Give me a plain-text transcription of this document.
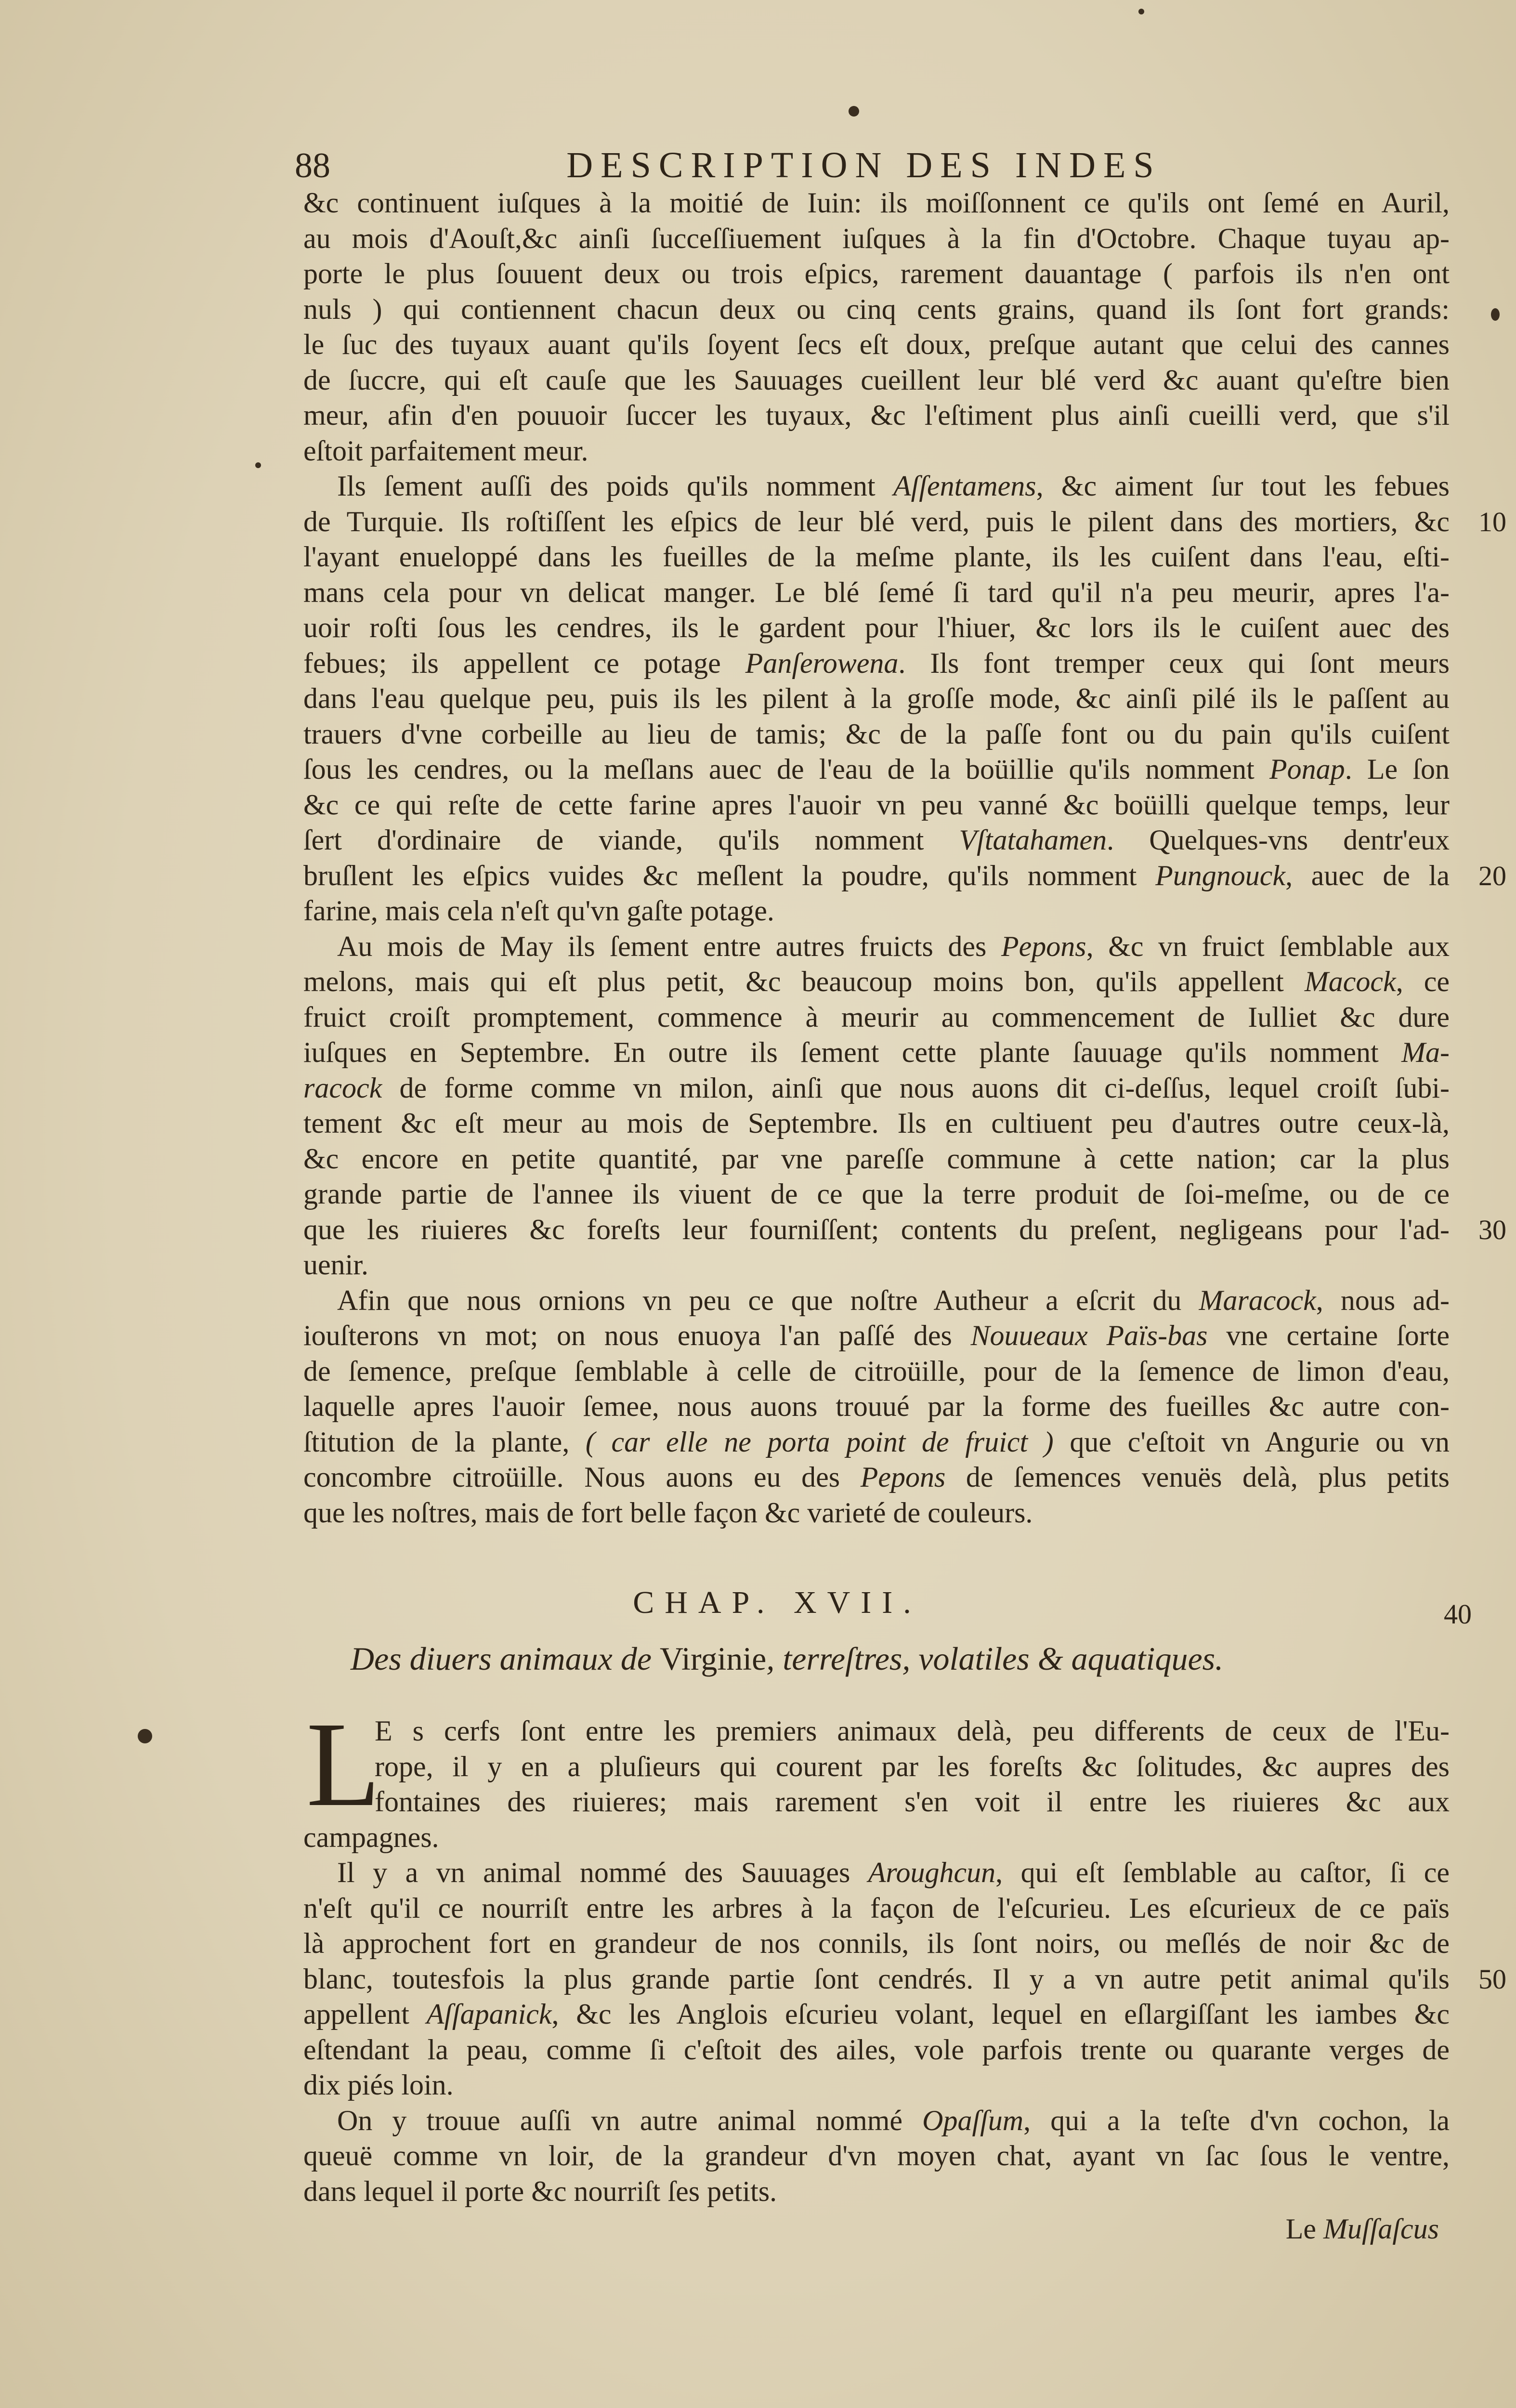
88	DESCRIPTION DES INDES
&c continuent iuſques à la moitié de Iuin: ils moiſſonnent ce qu'ils ont ſemé en Auril,
au mois d'Aouſt,&c ainſi ſucceſſiuement iuſques à la fin d'Octobre. Chaque tuyau ap-
porte le plus ſouuent deux ou trois eſpics, rarement dauantage ( parfois ils n'en ont
nuls ) qui contiennent chacun deux ou cinq cents grains, quand ils ſont fort grands:
le ſuc des tuyaux auant qu'ils ſoyent ſecs eſt doux, preſque autant que celui des cannes
de ſuccre, qui eſt cauſe que les Sauuages cueillent leur blé verd &c auant qu'eſtre bien
meur, afin d'en pouuoir ſuccer les tuyaux, &c l'eſtiment plus ainſi cueilli verd, que s'il
eſtoit parfaitement meur.
Ils ſement auſſi des poids qu'ils nomment Aſſentamens, &c aiment ſur tout les febues
de Turquie. Ils roſtiſſent les eſpics de leur blé verd, puis le pilent dans des mortiers, &c 10
l'ayant enueloppé dans les fueilles de la meſme plante, ils les cuiſent dans l'eau, eſti-
mans cela pour vn delicat manger. Le blé ſemé ſi tard qu'il n'a peu meurir, apres l'a-
uoir roſti ſous les cendres, ils le gardent pour l'hiuer, &c lors ils le cuiſent auec des
febues; ils appellent ce potage Panſerowena. Ils font tremper ceux qui ſont meurs
dans l'eau quelque peu, puis ils les pilent à la groſſe mode, &c ainſi pilé ils le paſſent au
trauers d'vne corbeille au lieu de tamis; &c de la paſſe font ou du pain qu'ils cuiſent
ſous les cendres, ou la meſlans auec de l'eau de la boüillie qu'ils nomment Ponap. Le ſon
&c ce qui reſte de cette farine apres l'auoir vn peu vanné &c boüilli quelque temps, leur
ſert d'ordinaire de viande, qu'ils nomment Vſtatahamen. Quelques-vns dentr'eux
bruſlent les eſpics vuides &c meſlent la poudre, qu'ils nomment Pungnouck, auec de la 20
farine, mais cela n'eſt qu'vn gaſte potage.
Au mois de May ils ſement entre autres fruicts des Pepons, &c vn fruict ſemblable aux
melons, mais qui eſt plus petit, &c beaucoup moins bon, qu'ils appellent Macock, ce
fruict croiſt promptement, commence à meurir au commencement de Iulliet &c dure
iuſques en Septembre. En outre ils ſement cette plante ſauuage qu'ils nomment Ma-
racock de forme comme vn milon, ainſi que nous auons dit ci-deſſus, lequel croiſt ſubi-
tement &c eſt meur au mois de Septembre. Ils en cultiuent peu d'autres outre ceux-là,
&c encore en petite quantité, par vne pareſſe commune à cette nation; car la plus
grande partie de l'annee ils viuent de ce que la terre produit de ſoi-meſme, ou de ce
que les riuieres &c foreſts leur fourniſſent; contents du preſent, negligeans pour l'ad- 30
uenir.
Afin que nous ornions vn peu ce que noſtre Autheur a eſcrit du Maracock, nous ad-
iouſterons vn mot; on nous enuoya l'an paſſé des Nouueaux Païs-bas vne certaine ſorte
de ſemence, preſque ſemblable à celle de citroüille, pour de la ſemence de limon d'eau,
laquelle apres l'auoir ſemee, nous auons trouué par la forme des fueilles &c autre con-
ſtitution de la plante, ( car elle ne porta point de fruict ) que c'eſtoit vn Angurie ou vn
concombre citroüille. Nous auons eu des Pepons de ſemences venuës delà, plus petits
que les noſtres, mais de fort belle façon &c varieté de couleurs.
CHAP. XVII.	40
Des diuers animaux de Virginie, terreſtres, volatiles & aquatiques.
L
E s cerfs ſont entre les premiers animaux delà, peu differents de ceux de l'Eu-
rope, il y en a pluſieurs qui courent par les foreſts &c ſolitudes, &c aupres des
fontaines des riuieres; mais rarement s'en voit il entre les riuieres &c aux
campagnes.
Il y a vn animal nommé des Sauuages Aroughcun, qui eſt ſemblable au caſtor, ſi ce
n'eſt qu'il ce nourriſt entre les arbres à la façon de l'eſcurieu. Les eſcurieux de ce païs
là approchent fort en grandeur de nos connils, ils ſont noirs, ou meſlés de noir &c de
blanc, toutesfois la plus grande partie ſont cendrés. Il y a vn autre petit animal qu'ils 50
appellent Aſſapanick, &c les Anglois eſcurieu volant, lequel en eſlargiſſant les iambes &c
eſtendant la peau, comme ſi c'eſtoit des ailes, vole parfois trente ou quarante verges de
dix piés loin.
On y trouue auſſi vn autre animal nommé Opaſſum, qui a la teſte d'vn cochon, la
queuë comme vn loir, de la grandeur d'vn moyen chat, ayant vn ſac ſous le ventre,
dans lequel il porte &c nourriſt ſes petits.
Le Muſſaſcus
